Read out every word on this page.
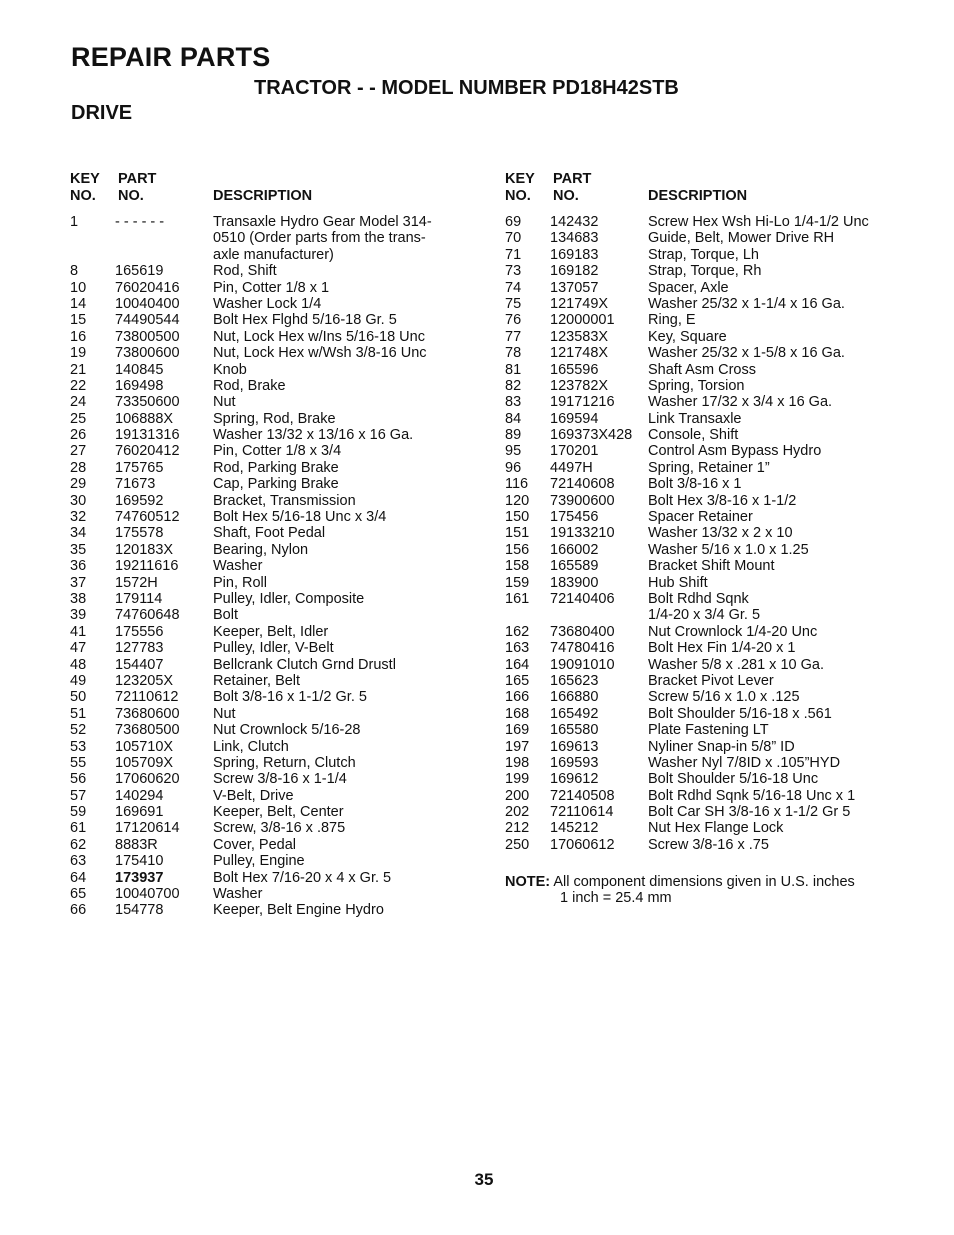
REPAIR PARTS
TRACTOR - - MODEL NUMBER PD18H42STB
DRIVE
KEY
NO.
PART
NO.	DESCRIPTION
1	- - - - - -	Transaxle Hydro Gear Model 314-
0510 (Order parts from the trans-
axle manufacturer)
8	165619	Rod, Shift
10 76020416 Pin, Cotter 1/8 x 1
14 10040400 Washer Lock 1/4
15 74490544 Bolt Hex Flghd 5/16-18 Gr. 5
16 73800500 Nut, Lock Hex w/Ins 5/16-18 Unc
19 73800600 Nut, Lock Hex w/Wsh 3/8-16 Unc
21 140845	Knob
22 169498	Rod, Brake
24 73350600 Nut
25 106888X	Spring, Rod, Brake
26 19131316 Washer 13/32 x 13/16 x 16 Ga.
27 76020412 Pin, Cotter 1/8 x 3/4
28 175765	Rod, Parking Brake
29 71673	Cap, Parking Brake
30 169592	Bracket, Transmission
32 74760512 Bolt Hex 5/16-18 Unc x 3/4
34 175578	Shaft, Foot Pedal
35 120183X	Bearing, Nylon
36 19211616 Washer
37 1572H	Pin, Roll
38 179114	Pulley, Idler, Composite
39 74760648 Bolt
41 175556	Keeper, Belt, Idler
47 127783	Pulley, Idler, V-Belt
48 154407	Bellcrank Clutch Grnd Drustl
49 123205X	Retainer, Belt
50 72110612 Bolt 3/8-16 x 1-1/2 Gr. 5
51 73680600 Nut
52 73680500 Nut Crownlock 5/16-28
53 105710X	Link, Clutch
55 105709X	Spring, Return, Clutch
56 17060620 Screw 3/8-16 x 1-1/4
57 140294	V-Belt, Drive
59 169691	Keeper, Belt, Center
61 17120614 Screw, 3/8-16 x .875
62 8883R	Cover, Pedal
63 175410	Pulley, Engine
64 173937	Bolt Hex 7/16-20 x 4 x Gr. 5
65 10040700 Washer
66 154778	Keeper, Belt Engine Hydro
KEY
NO.
PART
NO.	DESCRIPTION
69 142432	Screw Hex Wsh Hi-Lo 1/4-1/2 Unc
70 134683	Guide, Belt, Mower Drive RH
71 169183	Strap, Torque, Lh
73 169182	Strap, Torque, Rh
74 137057	Spacer, Axle
75 121749X	Washer 25/32 x 1-1/4 x 16 Ga.
76 12000001 Ring, E
77 123583X	Key, Square
78 121748X	Washer 25/32 x 1-5/8 x 16 Ga.
81 165596	Shaft Asm Cross
82 123782X	Spring, Torsion
83 19171216 Washer 17/32 x 3/4 x 16 Ga.
84 169594	Link Transaxle
89 169373X428 Console, Shift
95 170201	Control Asm Bypass Hydro
96 4497H	Spring, Retainer 1”
116 72140608 Bolt 3/8-16 x 1
120 73900600 Bolt Hex 3/8-16 x 1-1/2
150 175456	Spacer Retainer
151 19133210 Washer 13/32 x 2 x 10
156 166002	Washer 5/16 x 1.0 x 1.25
158 165589	Bracket Shift Mount
159 183900	Hub Shift
161 72140406 Bolt Rdhd Sqnk
1/4-20 x 3/4 Gr. 5
162 73680400 Nut Crownlock 1/4-20 Unc
163 74780416 Bolt Hex Fin 1/4-20 x 1
164 19091010 Washer 5/8 x .281 x 10 Ga.
165 165623	Bracket Pivot Lever
166 166880	Screw 5/16 x 1.0 x .125
168 165492	Bolt Shoulder 5/16-18 x .561
169 165580	Plate Fastening LT
197 169613	Nyliner Snap-in 5/8” ID
198 169593	Washer Nyl 7/8ID x .105”HYD
199 169612	Bolt Shoulder 5/16-18 Unc
200 72140508 Bolt Rdhd Sqnk 5/16-18 Unc x 1
202 72110614 Bolt Car SH 3/8-16 x 1-1/2 Gr 5
212 145212	Nut Hex Flange Lock
250 17060612 Screw 3/8-16 x .75
NOTE: All component dimensions given in U.S. inches
1 inch = 25.4 mm
35
